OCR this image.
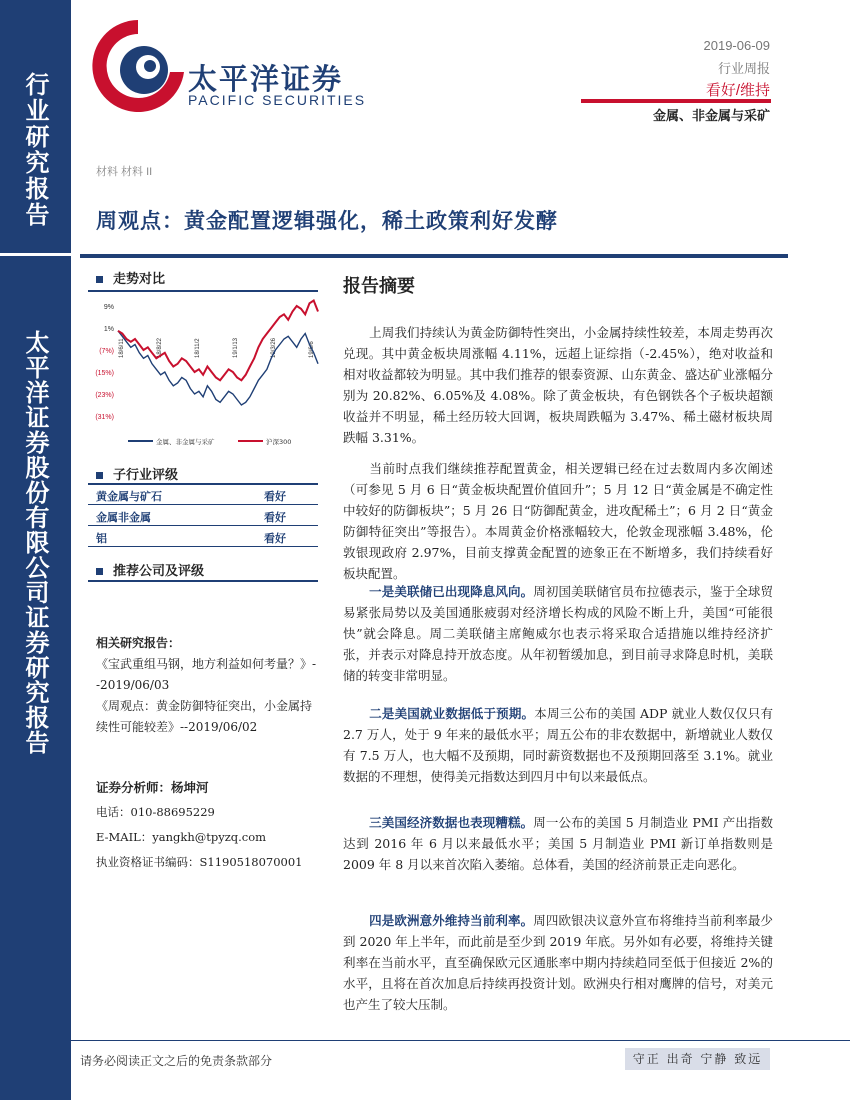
行业研究报告
太平洋证券股份有限公司证券研究报告
太平洋证券
PACIFIC SECURITIES
2019-06-09
行业周报
看好/维持
金属、非金属与采矿
材料 材料 II
周观点：黄金配置逻辑强化，稀土政策利好发酵
走势对比
9%
1%
(7%)
(15%)
(23%)
(31%)
18/6/11	18/8/22	18/11/2	19/1/13	19/3/26	19/6/6
金属、非金属与采矿	沪深300
子行业评级
黄金属与矿石	看好
金属非金属	看好
铝	看好
推荐公司及评级
相关研究报告：
《宝武重组马钢，地方利益如何考量？》--2019/06/03
《周观点：黄金防御特征突出，小金属持续性可能较差》--2019/06/02
证券分析师：杨坤河
电话：010-88695229
E-MAIL：yangkh@tpyzq.com
执业资格证书编码：S1190518070001
报告摘要
上周我们持续认为黄金防御特性突出，小金属持续性较差，本周走势再次兑现。其中黄金板块周涨幅 4.11%，远超上证综指（-2.45%），绝对收益和相对收益都较为明显。其中我们推荐的银泰资源、山东黄金、盛达矿业涨幅分别为 20.82%、6.05%及 4.08%。除了黄金板块，有色钢铁各个子板块超额收益并不明显，稀土经历较大回调，板块周跌幅为 3.47%、稀土磁材板块周跌幅 3.31%。
当前时点我们继续推荐配置黄金，相关逻辑已经在过去数周内多次阐述（可参见 5 月 6 日“黄金板块配置价值回升”；5 月 12 日“黄金属是不确定性中较好的防御板块”；5 月 26 日“防御配黄金，进攻配稀土”；6 月 2 日“黄金防御特征突出”等报告）。本周黄金价格涨幅较大，伦敦金现涨幅 3.48%，伦敦银现政府 2.97%，目前支撑黄金配置的迹象正在不断增多，我们持续看好板块配置。
一是美联储已出现降息风向。周初国美联储官员布拉德表示，鉴于全球贸易紧张局势以及美国通胀疲弱对经济增长构成的风险不断上升，美国“可能很快”就会降息。周二美联储主席鲍威尔也表示将采取合适措施以维持经济扩张，并表示对降息持开放态度。从年初暂缓加息，到目前寻求降息时机，美联储的转变非常明显。
二是美国就业数据低于预期。本周三公布的美国 ADP 就业人数仅仅只有 2.7 万人，处于 9 年来的最低水平；周五公布的非农数据中，新增就业人数仅有 7.5 万人，也大幅不及预期，同时薪资数据也不及预期回落至 3.1%。就业数据的不理想，使得美元指数达到四月中旬以来最低点。
三美国经济数据也表现糟糕。周一公布的美国 5 月制造业 PMI 产出指数达到 2016 年 6 月以来最低水平；美国 5 月制造业 PMI 新订单指数则是 2009 年 8 月以来首次陷入萎缩。总体看，美国的经济前景正走向恶化。
四是欧洲意外维持当前利率。周四欧银决议意外宣布将维持当前利率最少到 2020 年上半年，而此前是至少到 2019 年底。另外如有必要，将维持关键利率在当前水平，直至确保欧元区通胀率中期内持续趋同至低于但接近 2%的水平，且将在首次加息后持续再投资计划。欧洲央行相对鹰牌的信号，对美元也产生了较大压制。
请务必阅读正文之后的免责条款部分	守正 出奇 宁静 致远
